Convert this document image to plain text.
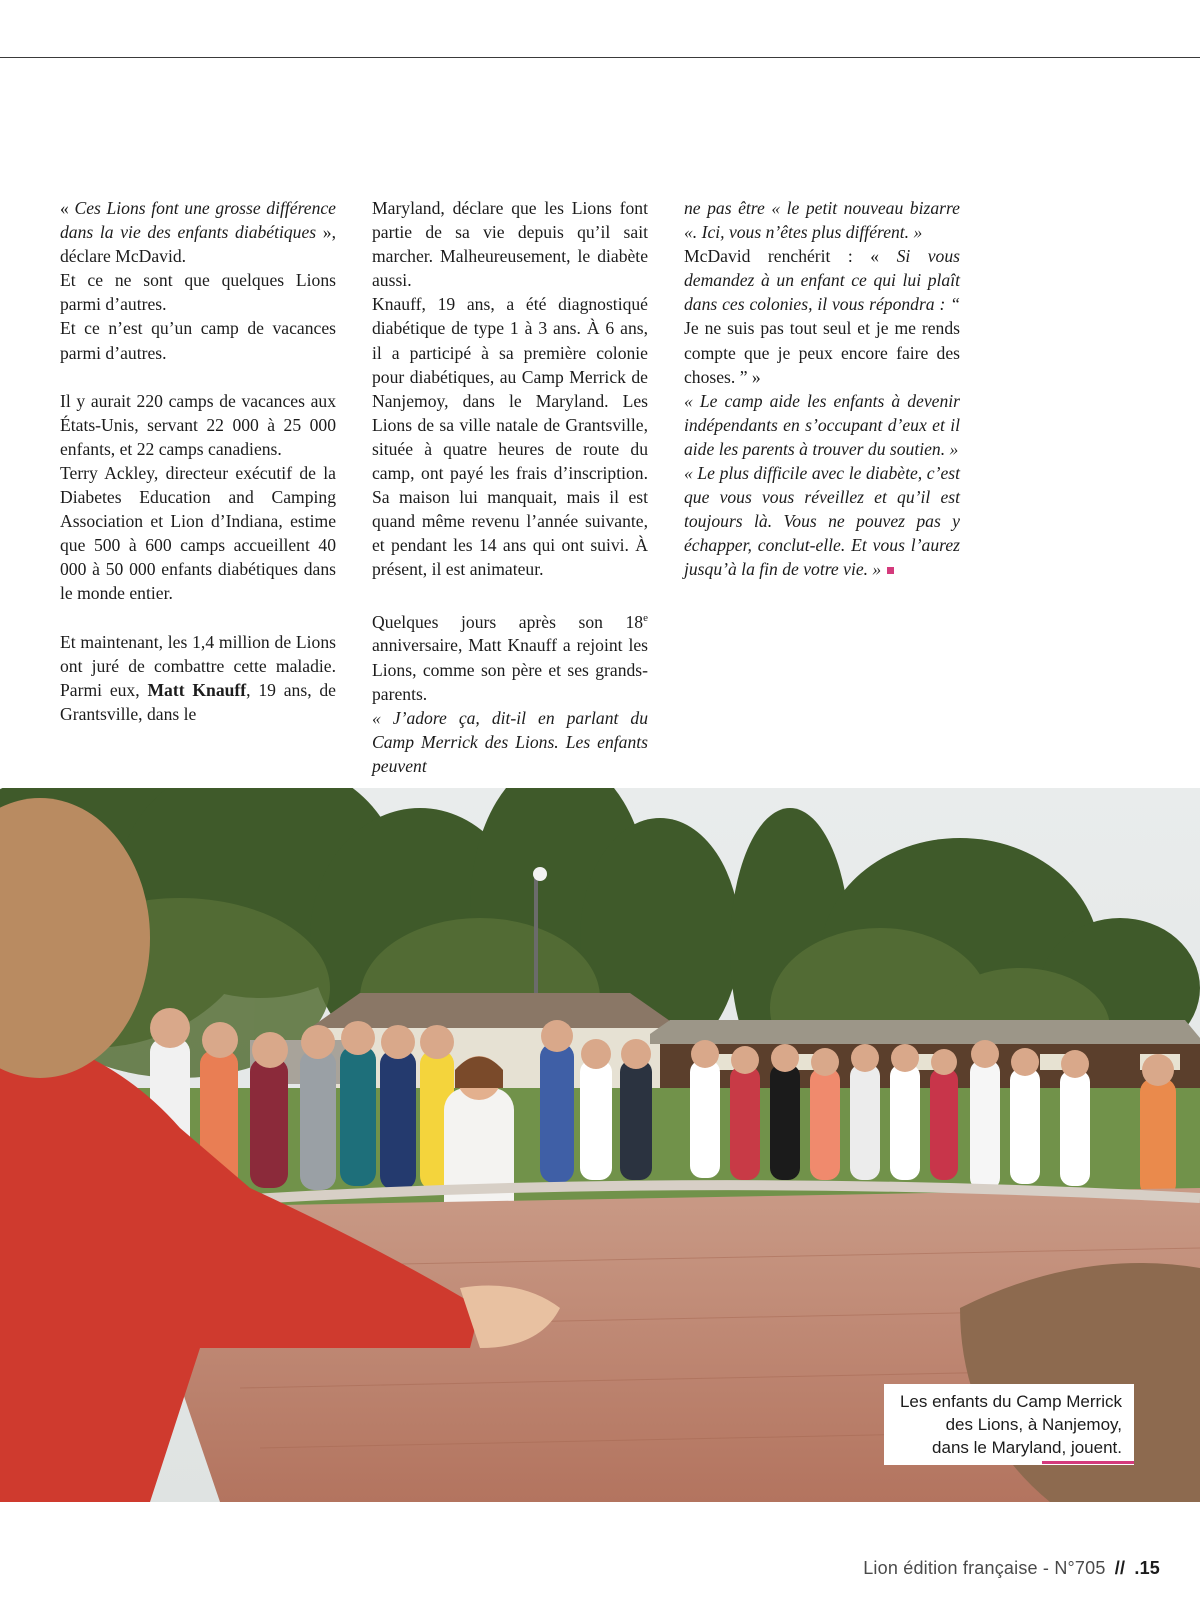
« Ces Lions font une grosse différence dans la vie des enfants diabétiques », déclare McDavid.

Et ce ne sont que quelques Lions parmi d’autres.

Et ce n’est qu’un camp de vacances parmi d’autres.

Il y aurait 220 camps de vacances aux États-Unis, servant 22 000 à 25 000 enfants, et 22 camps canadiens.

Terry Ackley, directeur exécutif de la Diabetes Education and Camping Association et Lion d’Indiana, estime que 500 à 600 camps accueillent 40 000 à 50 000 enfants diabétiques dans le monde entier.

Et maintenant, les 1,4 million de Lions ont juré de combattre cette maladie. Parmi eux, Matt Knauff, 19 ans, de Grantsville, dans le

Maryland, déclare que les Lions font partie de sa vie depuis qu’il sait marcher. Malheureusement, le diabète aussi.

Knauff, 19 ans, a été diagnostiqué diabétique de type 1 à 3 ans. À 6 ans, il a participé à sa première colonie pour diabétiques, au Camp Merrick de Nanjemoy, dans le Maryland. Les Lions de sa ville natale de Grantsville, située à quatre heures de route du camp, ont payé les frais d’inscription. Sa maison lui manquait, mais il est quand même revenu l’année suivante, et pendant les 14 ans qui ont suivi. À présent, il est animateur.

Quelques jours après son 18e anniversaire, Matt Knauff a rejoint les Lions, comme son père et ses grands-parents.

« J’adore ça, dit-il en parlant du Camp Merrick des Lions. Les enfants peuvent

ne pas être « le petit nouveau bizarre «. Ici, vous n’êtes plus différent. »

McDavid renchérit : « Si vous demandez à un enfant ce qui lui plaît dans ces colonies, il vous répondra : “ Je ne suis pas tout seul et je me rends compte que je peux encore faire des choses. ” »

« Le camp aide les enfants à devenir indépendants en s’occupant d’eux et il aide les parents à trouver du soutien. »

« Le plus difficile avec le diabète, c’est que vous vous réveillez et qu’il est toujours là. Vous ne pouvez pas y échapper, conclut-elle. Et vous l’aurez jusqu’à la fin de votre vie. »

Les enfants du Camp Merrick
des Lions, à Nanjemoy,
dans le Maryland, jouent.
Lion édition française - N°705 // .15
